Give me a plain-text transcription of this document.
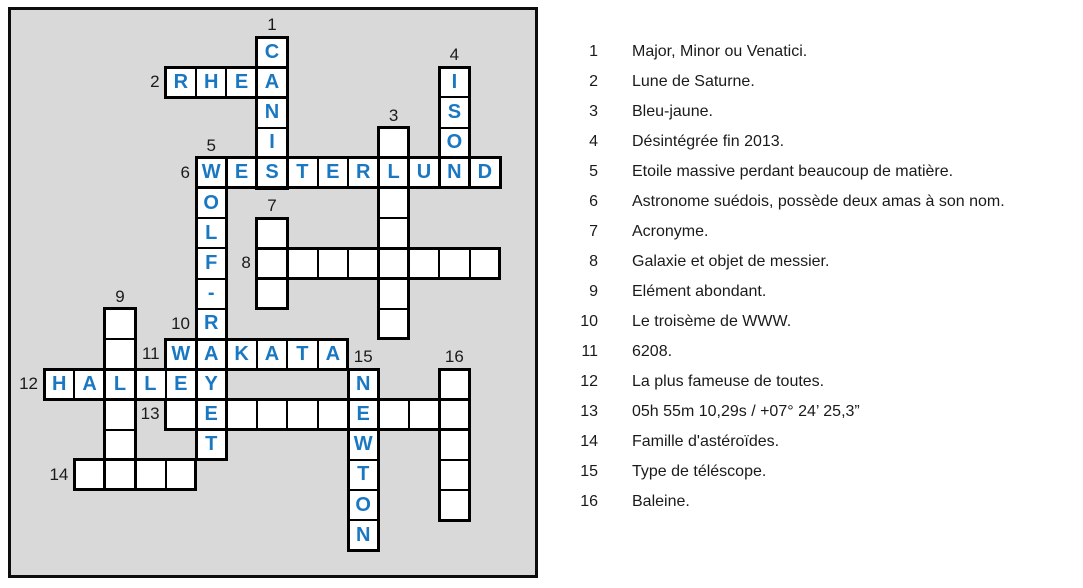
C
A
N
I
S
R H E
L
I
S
O
N
W
O
L
F
-
R
A
Y
E
T
E T E R U D
L
W K A T A
H A L E
E
N
W
T
O
N
1
2
3
4
5
6
7
8
9
10
11
12
13
14
15	16
1 Major, Minor ou Venatici.
2 Lune de Saturne.
3 Bleu-jaune.
4 Désintégrée fin 2013.
5 Etoile massive perdant beaucoup de matière.
6 Astronome suédois, possède deux amas à son nom.
7 Acronyme.
8 Galaxie et objet de messier.
9 Elément abondant.
10 Le troisème de WWW.
11 6208.
12 La plus fameuse de toutes.
13 05h 55m 10,29s / +07° 24’ 25,3”
14 Famille d'astéroïdes.
15 Type de téléscope.
16 Baleine.
